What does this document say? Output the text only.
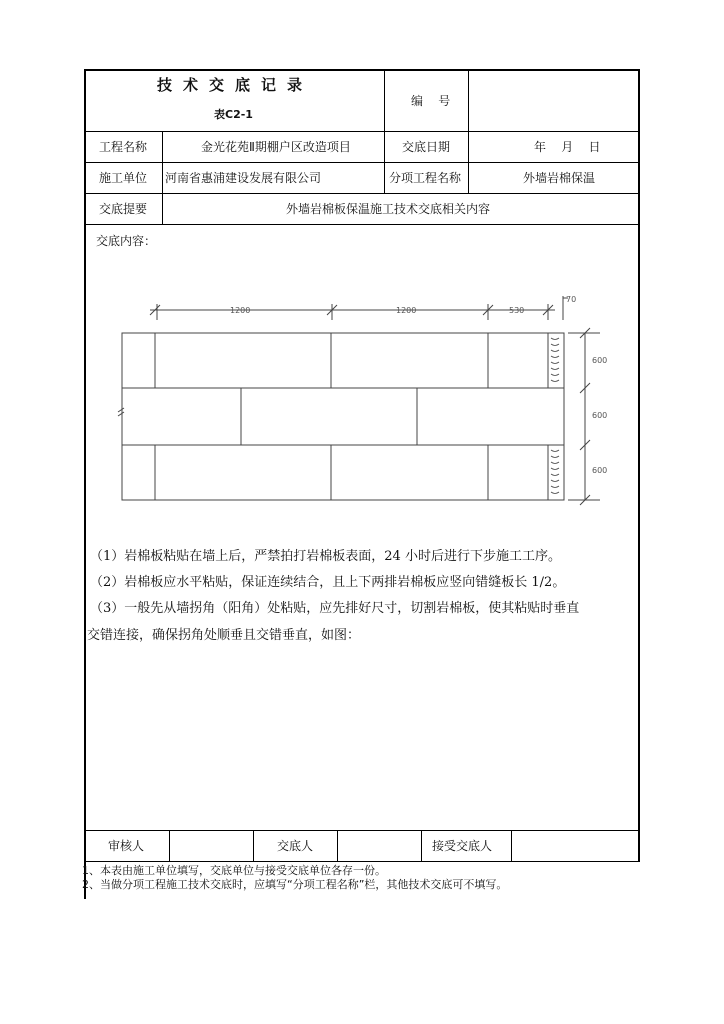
技术交底记录
表C2-1
编    号
工程名称	金光花苑Ⅱ期棚户区改造项目	交底日期	年    月    日
施工单位 河南省惠浦建设发展有限公司	分项工程名称	外墙岩棉保温
交底提要	外墙岩棉板保温施工技术交底相关内容
交底内容：
1200	1200	530
70
600
600
600
（1）岩棉板粘贴在墙上后，严禁拍打岩棉板表面，24 小时后进行下步施工工序。
（2）岩棉板应水平粘贴，保证连续结合，且上下两排岩棉板应竖向错缝板长 1/2。
（3）一般先从墙拐角（阳角）处粘贴，应先排好尺寸，切割岩棉板，使其粘贴时垂直
交错连接，确保拐角处顺垂且交错垂直，如图：
审核人	交底人	接受交底人
1、本表由施工单位填写，交底单位与接受交底单位各存一份。
2、当做分项工程施工技术交底时，应填写“分项工程名称”栏，其他技术交底可不填写。
